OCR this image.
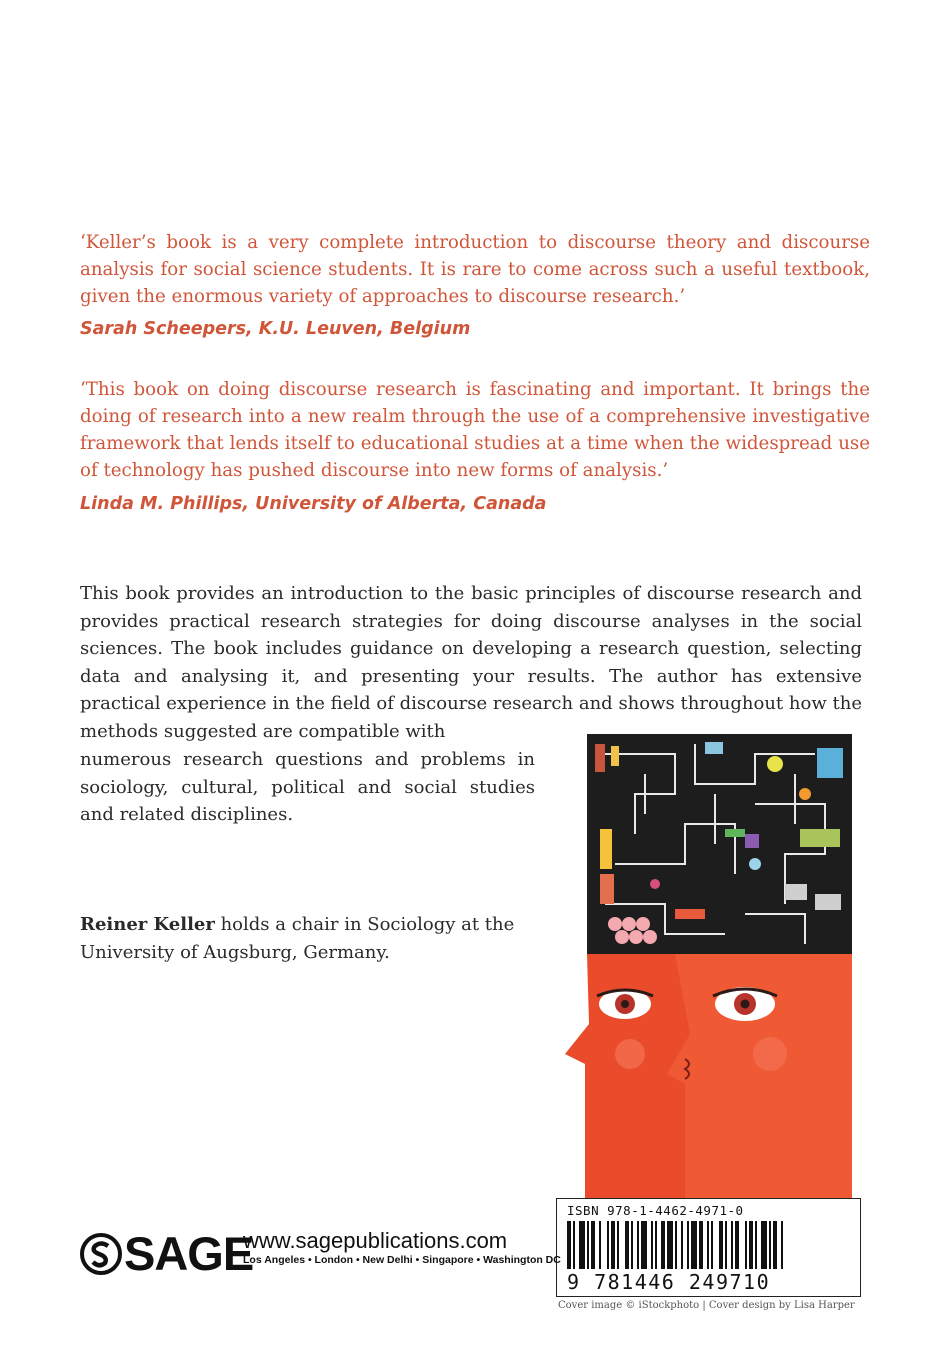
‘Keller’s book is a very complete introduction to discourse theory and discourse analysis for social science students. It is rare to come across such a useful textbook, given the enormous variety of approaches to discourse research.’
Sarah Scheepers, K.U. Leuven, Belgium
‘This book on doing discourse research is fascinating and important. It brings the doing of research into a new realm through the use of a comprehensive investigative framework that lends itself to educational studies at a time when the widespread use of technology has pushed discourse into new forms of analysis.’
Linda M. Phillips, University of Alberta, Canada
This book provides an introduction to the basic principles of discourse research and provides practical research strategies for doing discourse analyses in the social sciences. The book includes guidance on developing a research question, selecting data and analysing it, and presenting your results. The author has extensive practical experience in the field of discourse research and shows throughout how the methods suggested are compatible with
numerous research questions and problems in sociology, cultural, political and social studies and related disciplines.
Reiner Keller holds a chair in Sociology at the University of Augsburg, Germany.
ISBN 978-1-4462-4971-0
9 781446 249710
SAGE
www.sagepublications.com
Los Angeles • London • New Delhi • Singapore • Washington DC
Cover image © iStockphoto | Cover design by Lisa Harper
